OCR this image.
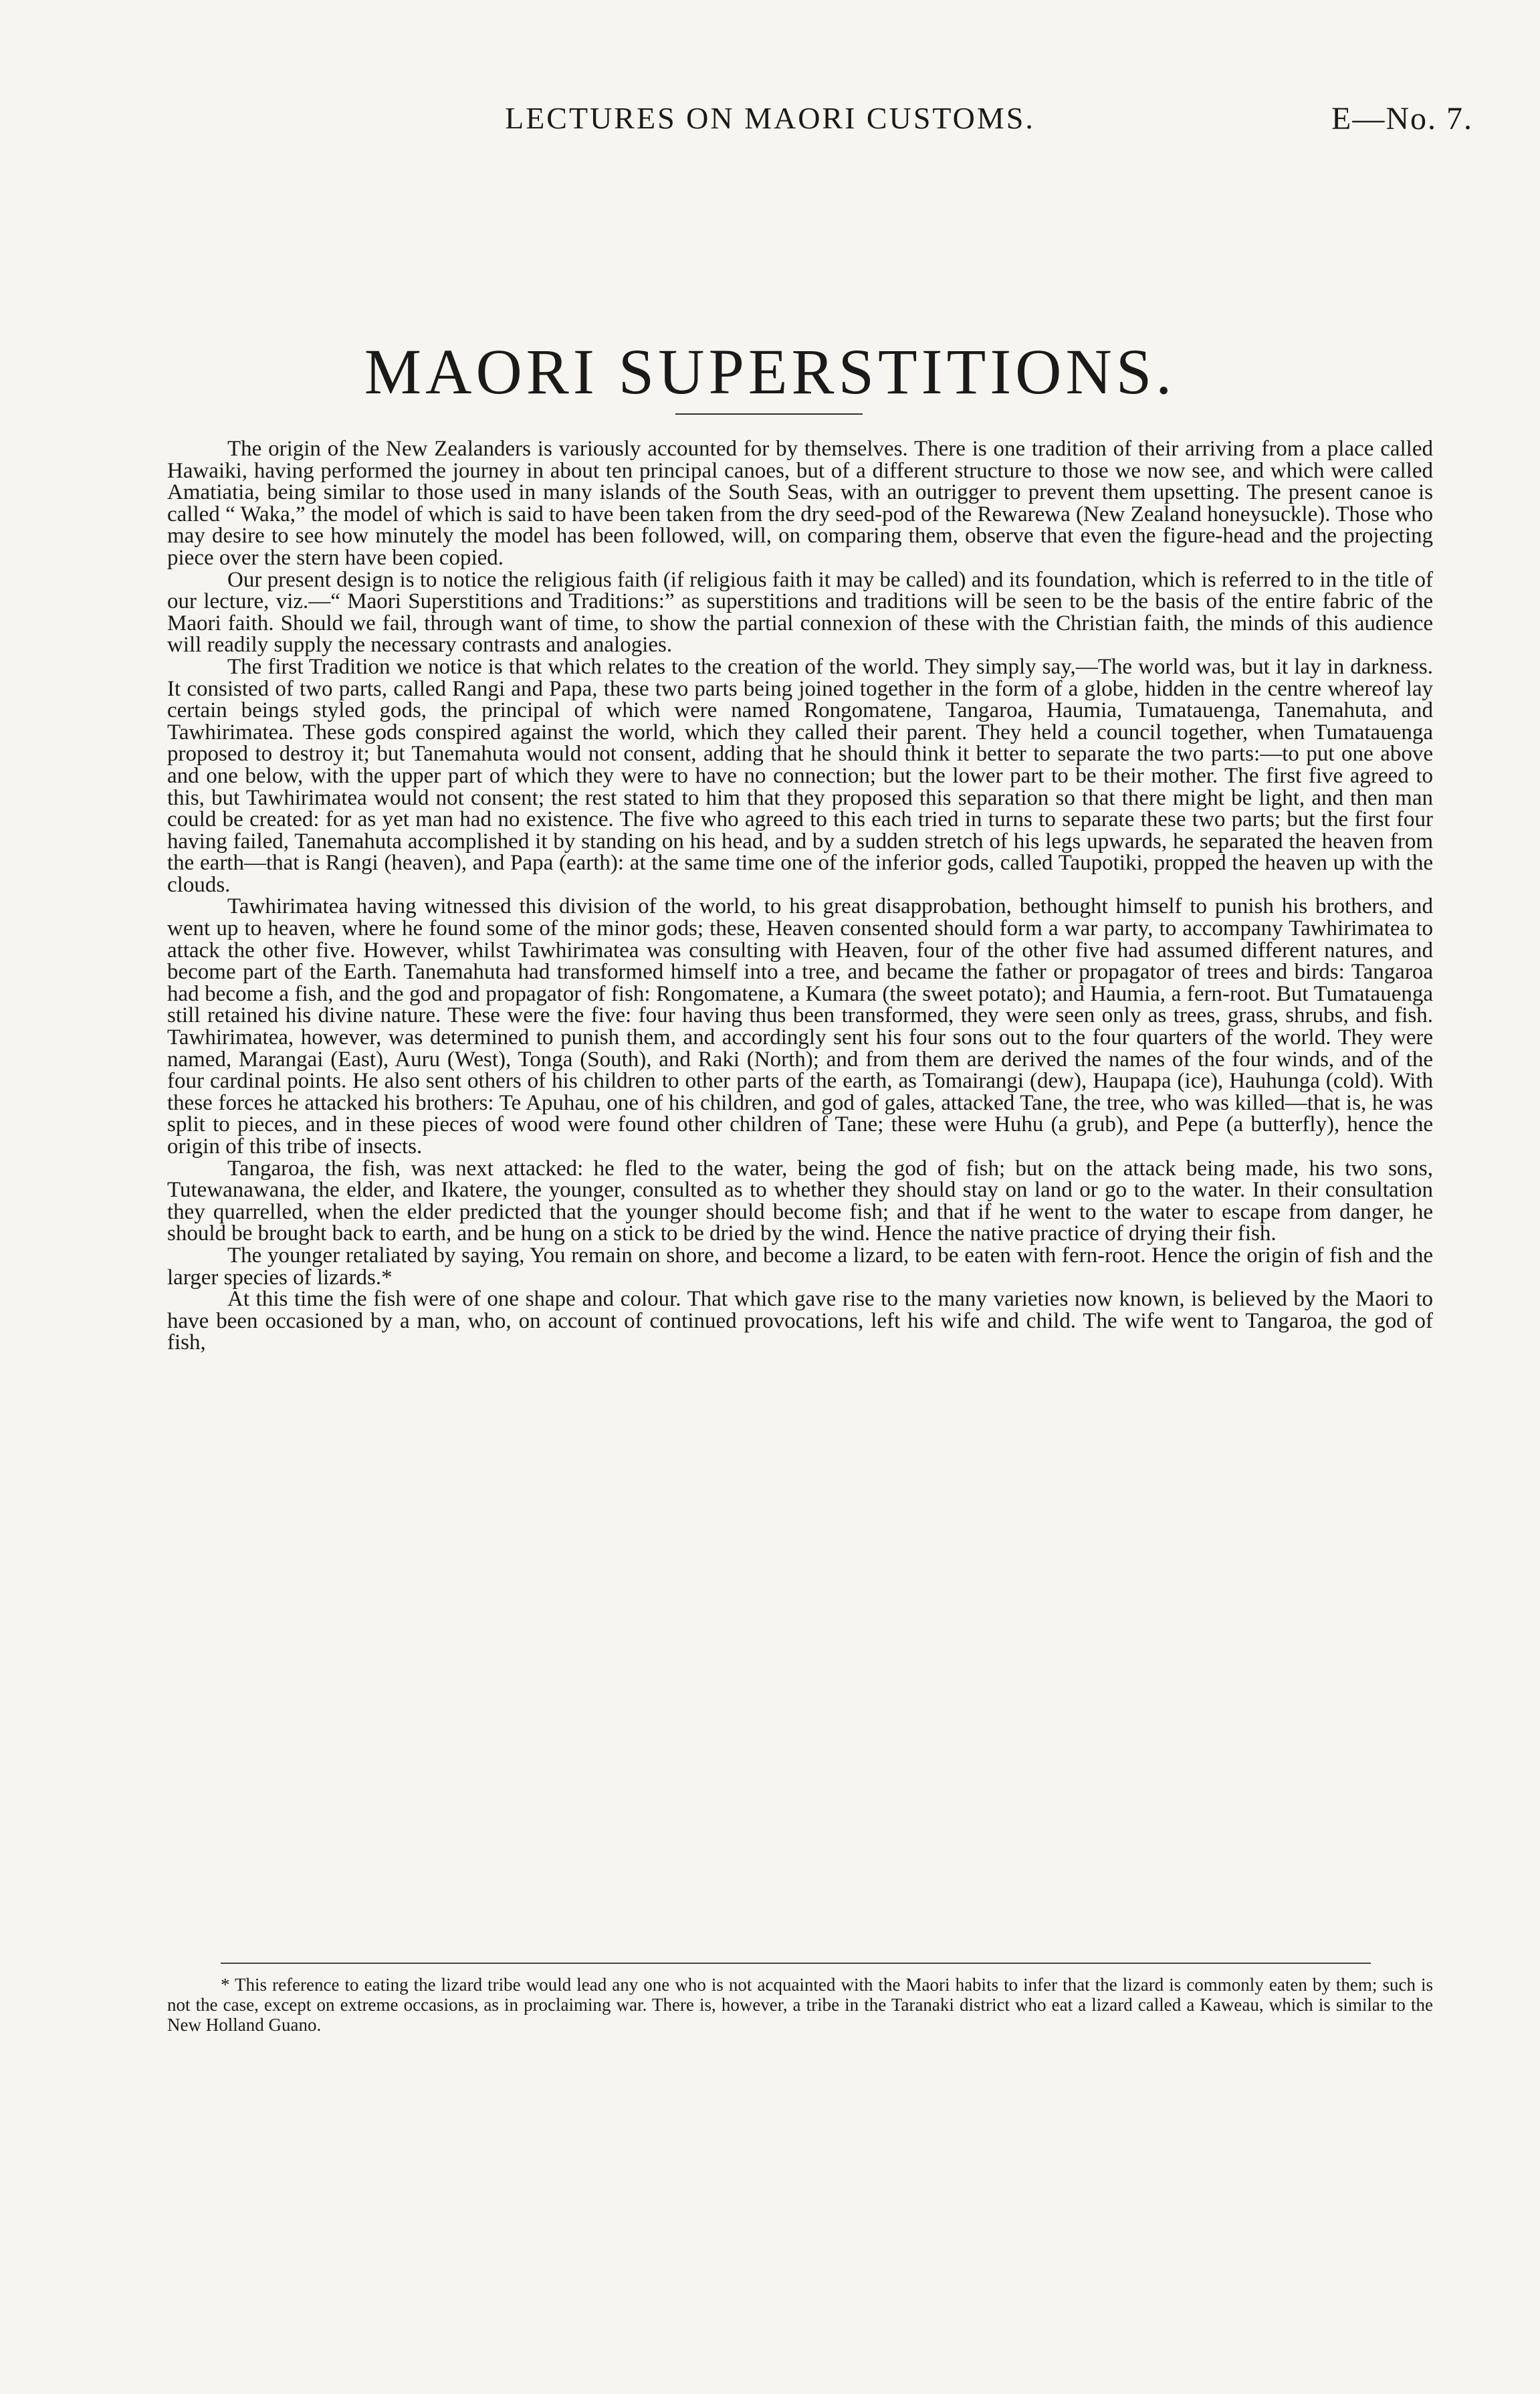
LECTURES ON MAORI CUSTOMS.	E—No. 7.
MAORI SUPERSTITIONS.

The origin of the New Zealanders is variously accounted for by themselves. There is one tradition of their arriving from a place called Hawaiki, having performed the journey in about ten principal canoes, but of a different structure to those we now see, and which were called Amatiatia, being similar to those used in many islands of the South Seas, with an outrigger to prevent them upsetting. The present canoe is called “ Waka,” the model of which is said to have been taken from the dry seed-pod of the Rewarewa (New Zealand honeysuckle). Those who may desire to see how minutely the model has been followed, will, on comparing them, observe that even the figure-head and the projecting piece over the stern have been copied.

Our present design is to notice the religious faith (if religious faith it may be called) and its foundation, which is referred to in the title of our lecture, viz.—“ Maori Superstitions and Traditions:” as superstitions and traditions will be seen to be the basis of the entire fabric of the Maori faith. Should we fail, through want of time, to show the partial connexion of these with the Christian faith, the minds of this audience will readily supply the necessary contrasts and analogies.

The first Tradition we notice is that which relates to the creation of the world. They simply say,—The world was, but it lay in darkness. It consisted of two parts, called Rangi and Papa, these two parts being joined together in the form of a globe, hidden in the centre whereof lay certain beings styled gods, the principal of which were named Rongomatene, Tangaroa, Haumia, Tumatauenga, Tanemahuta, and Tawhirimatea. These gods conspired against the world, which they called their parent. They held a council together, when Tumatauenga proposed to destroy it; but Tanemahuta would not consent, adding that he should think it better to separate the two parts:—to put one above and one below, with the upper part of which they were to have no connection; but the lower part to be their mother. The first five agreed to this, but Tawhirimatea would not consent; the rest stated to him that they proposed this separation so that there might be light, and then man could be created: for as yet man had no existence. The five who agreed to this each tried in turns to separate these two parts; but the first four having failed, Tanemahuta accomplished it by standing on his head, and by a sudden stretch of his legs upwards, he separated the heaven from the earth—that is Rangi (heaven), and Papa (earth): at the same time one of the inferior gods, called Taupotiki, propped the heaven up with the clouds.

Tawhirimatea having witnessed this division of the world, to his great disapprobation, bethought himself to punish his brothers, and went up to heaven, where he found some of the minor gods; these, Heaven consented should form a war party, to accompany Tawhirimatea to attack the other five. However, whilst Tawhirimatea was consulting with Heaven, four of the other five had assumed different natures, and become part of the Earth. Tanemahuta had transformed himself into a tree, and became the father or propagator of trees and birds: Tangaroa had become a fish, and the god and propagator of fish: Rongomatene, a Kumara (the sweet potato); and Haumia, a fern-root. But Tumatauenga still retained his divine nature. These were the five: four having thus been transformed, they were seen only as trees, grass, shrubs, and fish. Tawhirimatea, however, was determined to punish them, and accordingly sent his four sons out to the four quarters of the world. They were named, Marangai (East), Auru (West), Tonga (South), and Raki (North); and from them are derived the names of the four winds, and of the four cardinal points. He also sent others of his children to other parts of the earth, as Tomairangi (dew), Haupapa (ice), Hauhunga (cold). With these forces he attacked his brothers: Te Apuhau, one of his children, and god of gales, attacked Tane, the tree, who was killed—that is, he was split to pieces, and in these pieces of wood were found other children of Tane; these were Huhu (a grub), and Pepe (a butterfly), hence the origin of this tribe of insects.

Tangaroa, the fish, was next attacked: he fled to the water, being the god of fish; but on the attack being made, his two sons, Tutewanawana, the elder, and Ikatere, the younger, consulted as to whether they should stay on land or go to the water. In their consultation they quarrelled, when the elder predicted that the younger should become fish; and that if he went to the water to escape from danger, he should be brought back to earth, and be hung on a stick to be dried by the wind. Hence the native practice of drying their fish.

The younger retaliated by saying, You remain on shore, and become a lizard, to be eaten with fern-root. Hence the origin of fish and the larger species of lizards.*

At this time the fish were of one shape and colour. That which gave rise to the many varieties now known, is believed by the Maori to have been occasioned by a man, who, on account of continued provocations, left his wife and child. The wife went to Tangaroa, the god of fish,

* This reference to eating the lizard tribe would lead any one who is not acquainted with the Maori habits to infer that the lizard is commonly eaten by them; such is not the case, except on extreme occasions, as in proclaiming war. There is, however, a tribe in the Taranaki district who eat a lizard called a Kaweau, which is similar to the New Holland Guano.
